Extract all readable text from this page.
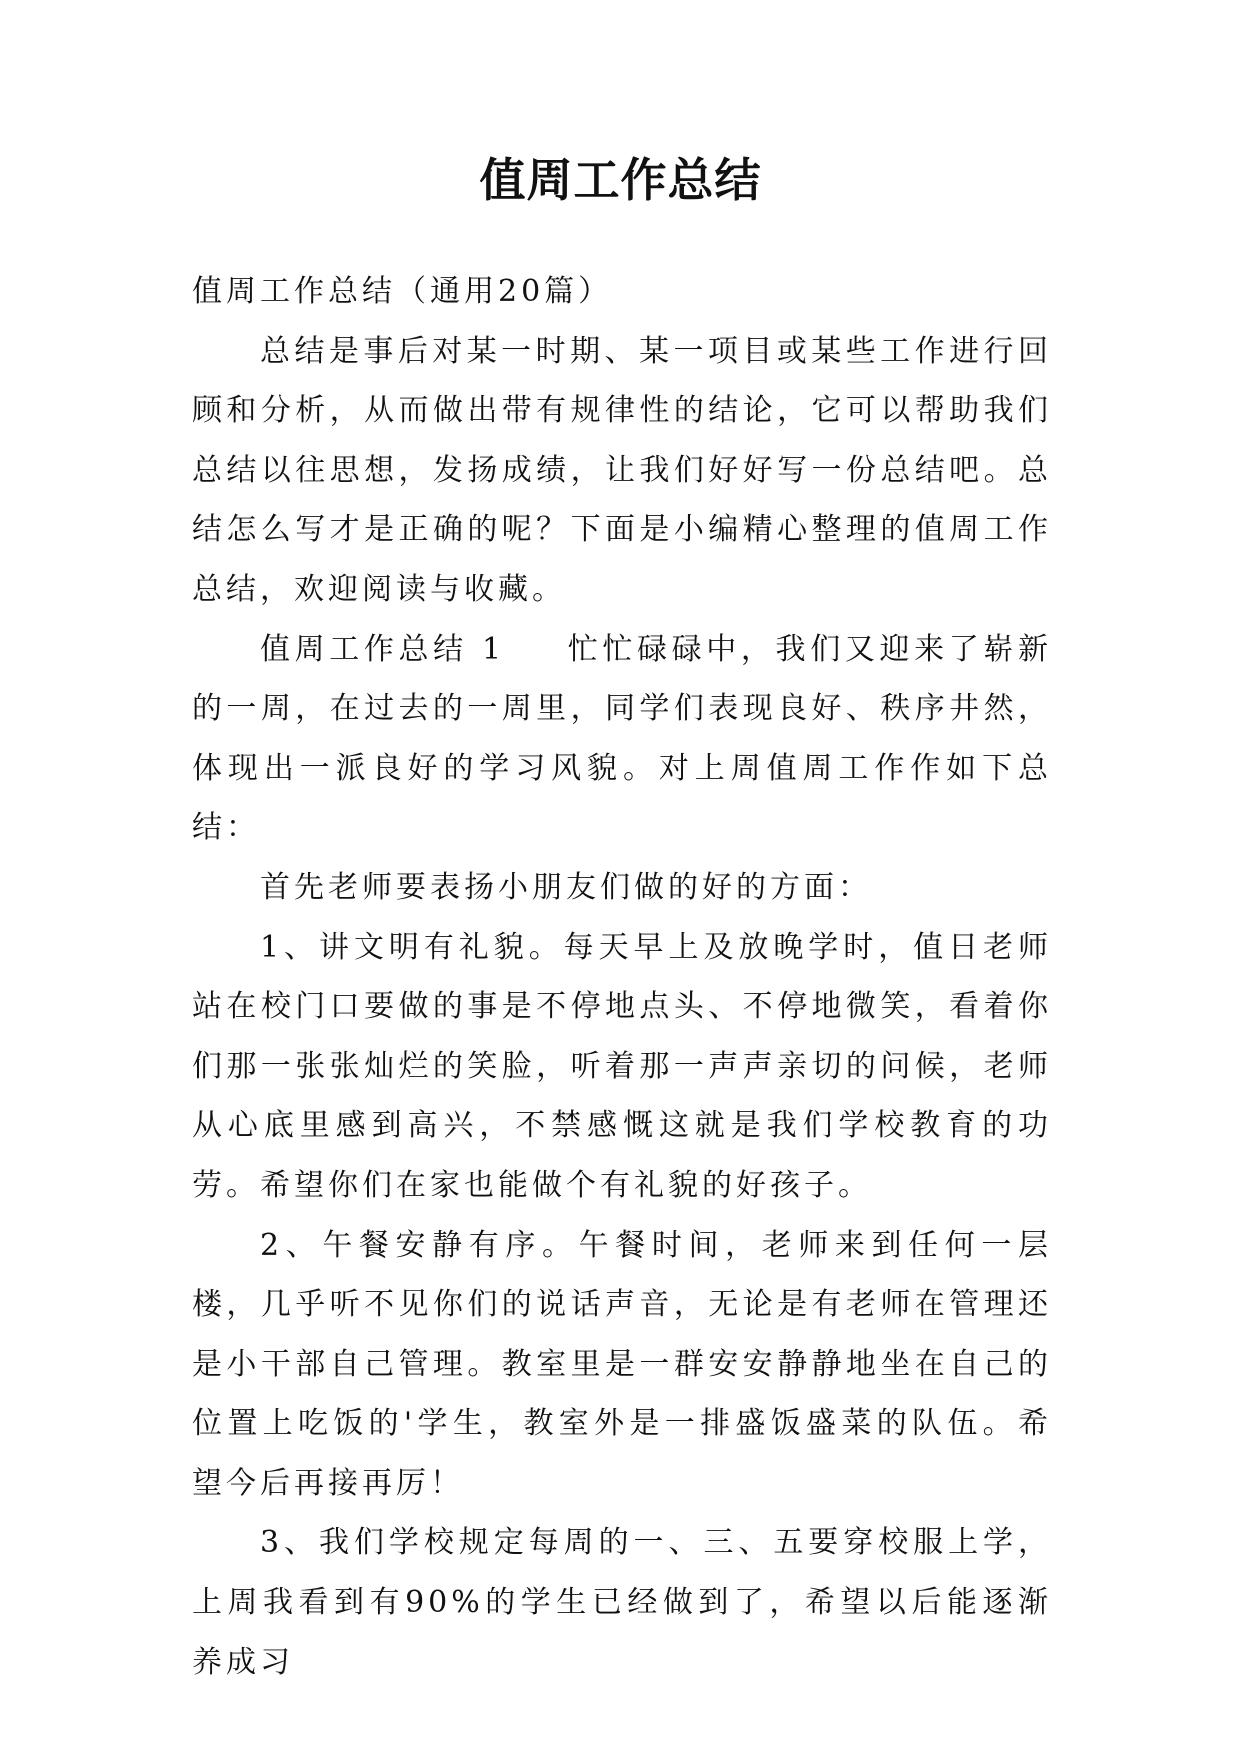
值周工作总结

值周工作总结（通用20篇）

总结是事后对某一时期、某一项目或某些工作进行回顾和分析，从而做出带有规律性的结论，它可以帮助我们总结以往思想，发扬成绩，让我们好好写一份总结吧。总结怎么写才是正确的呢？下面是小编精心整理的值周工作总结，欢迎阅读与收藏。

值周工作总结 1 忙忙碌碌中，我们又迎来了崭新的一周，在过去的一周里，同学们表现良好、秩序井然，体现出一派良好的学习风貌。对上周值周工作作如下总结：

首先老师要表扬小朋友们做的好的方面：

1、讲文明有礼貌。每天早上及放晚学时，值日老师站在校门口要做的事是不停地点头、不停地微笑，看着你们那一张张灿烂的笑脸，听着那一声声亲切的问候，老师从心底里感到高兴，不禁感慨这就是我们学校教育的功劳。希望你们在家也能做个有礼貌的好孩子。

2、午餐安静有序。午餐时间，老师来到任何一层楼，几乎听不见你们的说话声音，无论是有老师在管理还是小干部自己管理。教室里是一群安安静静地坐在自己的位置上吃饭的'学生，教室外是一排盛饭盛菜的队伍。希望今后再接再厉！

3、我们学校规定每周的一、三、五要穿校服上学，上周我看到有90%的学生已经做到了，希望以后能逐渐养成习
